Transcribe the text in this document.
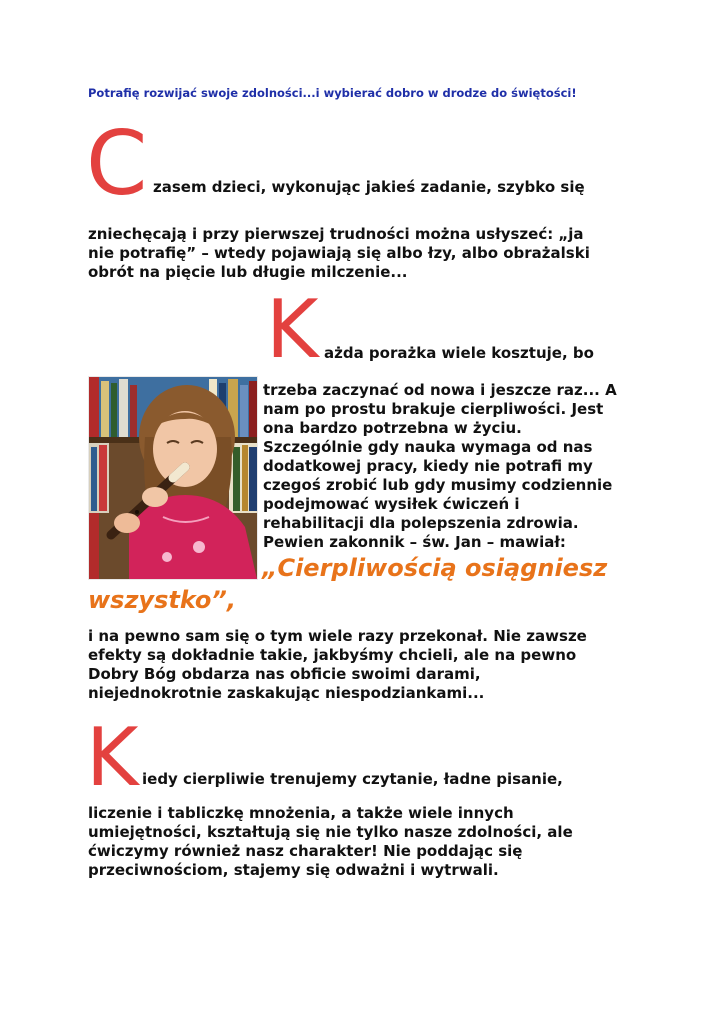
Potrafię rozwijać swoje zdolności...i wybierać dobro w drodze do świętości!
C zasem dzieci, wykonując jakieś zadanie, szybko się
zniechęcają i przy pierwszej trudności można usłyszeć: „ja
nie potrafię” – wtedy pojawiają się albo łzy, albo obrażalski
obrót na pięcie lub długie milczenie...
K ażda porażka wiele kosztuje, bo
trzeba zaczynać od nowa i jeszcze raz... A
nam po prostu brakuje cierpliwości. Jest
ona bardzo potrzebna w życiu.
Szczególnie gdy nauka wymaga od nas
dodatkowej pracy, kiedy nie potrafi my
czegoś zrobić lub gdy musimy codziennie
podejmować wysiłek ćwiczeń i
rehabilitacji dla polepszenia zdrowia.
Pewien zakonnik – św. Jan – mawiał:
„Cierpliwością osiągniesz
wszystko”,
i na pewno sam się o tym wiele razy przekonał. Nie zawsze
efekty są dokładnie takie, jakbyśmy chcieli, ale na pewno
Dobry Bóg obdarza nas obficie swoimi darami,
niejednokrotnie zaskakując niespodziankami...
K iedy cierpliwie trenujemy czytanie, ładne pisanie,
liczenie i tabliczkę mnożenia, a także wiele innych
umiejętności, kształtują się nie tylko nasze zdolności, ale
ćwiczymy również nasz charakter! Nie poddając się
przeciwnościom, stajemy się odważni i wytrwali.
